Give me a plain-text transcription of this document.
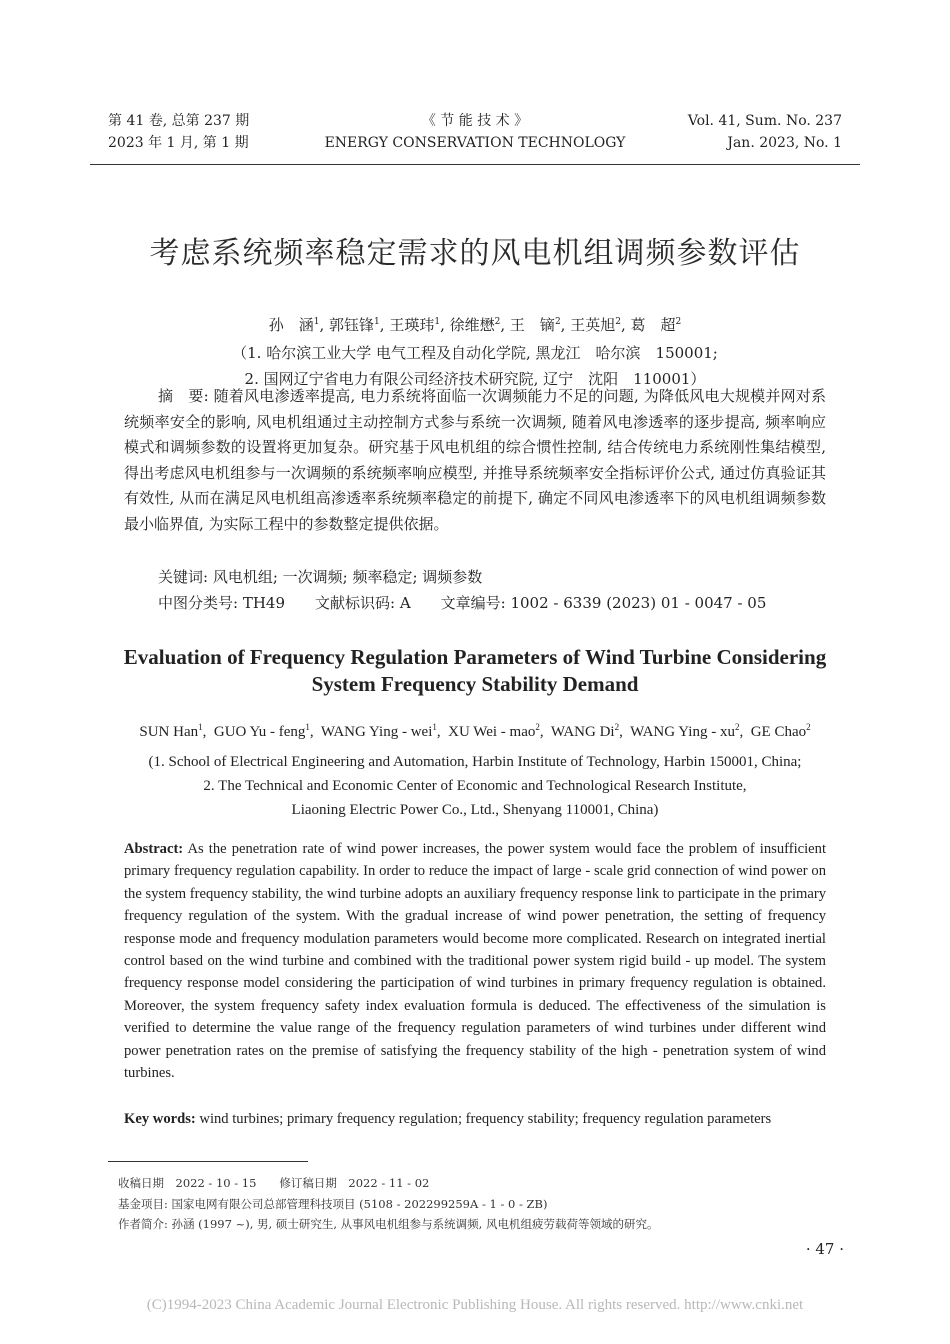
第 41 卷, 总第 237 期
2023 年 1 月, 第 1 期
《 节 能 技 术 》
ENERGY CONSERVATION TECHNOLOGY
Vol. 41, Sum. No. 237
Jan. 2023, No. 1
考虑系统频率稳定需求的风电机组调频参数评估
孙　涵$^1$, 郭钰锋$^1$, 王瑛玮$^1$, 徐维懋$^2$, 王　镝$^2$, 王英旭$^2$, 葛　超$^2$
（1. 哈尔滨工业大学 电气工程及自动化学院, 黑龙江　哈尔滨　150001;
2. 国网辽宁省电力有限公司经济技术研究院, 辽宁　沈阳　110001）
摘　要: 随着风电渗透率提高, 电力系统将面临一次调频能力不足的问题, 为降低风电大规模并网对系统频率安全的影响, 风电机组通过主动控制方式参与系统一次调频, 随着风电渗透率的逐步提高, 频率响应模式和调频参数的设置将更加复杂。研究基于风电机组的综合惯性控制, 结合传统电力系统刚性集结模型, 得出考虑风电机组参与一次调频的系统频率响应模型, 并推导系统频率安全指标评价公式, 通过仿真验证其有效性, 从而在满足风电机组高渗透率系统频率稳定的前提下, 确定不同风电渗透率下的风电机组调频参数最小临界值, 为实际工程中的参数整定提供依据。
关键词: 风电机组; 一次调频; 频率稳定; 调频参数
中图分类号: TH49　　文献标识码: A　　文章编号: 1002 - 6339 (2023) 01 - 0047 - 05
Evaluation of Frequency Regulation Parameters of Wind Turbine Considering
System Frequency Stability Demand
SUN Han$^1$,  GUO Yu - feng$^1$,  WANG Ying - wei$^1$,  XU Wei - mao$^2$,  WANG Di$^2$,  WANG Ying - $xu^2$,  GE Chao$^2$
(1. School of Electrical Engineering and Automation, Harbin Institute of Technology, Harbin 150001, China;
2. The Technical and Economic Center of Economic and Technological Research Institute,
Liaoning Electric Power Co., Ltd., Shenyang 110001, China)
Abstract: As the penetration rate of wind power increases, the power system would face the problem of insufficient primary frequency regulation capability. In order to reduce the impact of large - scale grid connection of wind power on the system frequency stability, the wind turbine adopts an auxiliary frequency response link to participate in the primary frequency regulation of the system. With the gradual increase of wind power penetration, the setting of frequency response mode and frequency modulation parameters would become more complicated. Research on integrated inertial control based on the wind turbine and combined with the traditional power system rigid build - up model. The system frequency response model considering the participation of wind turbines in primary frequency regulation is obtained. Moreover, the system frequency safety index evaluation formula is deduced. The effectiveness of the simulation is verified to determine the value range of the frequency regulation parameters of wind turbines under different wind power penetration rates on the premise of satisfying the frequency stability of the high - penetration system of wind turbines.
Key words: wind turbines; primary frequency regulation; frequency stability; frequency regulation parameters
收稿日期　2022 - 10 - 15　　修订稿日期　2022 - 11 - 02
基金项目: 国家电网有限公司总部管理科技项目 (5108 - 202299259A - 1 - 0 - ZB)
作者简介: 孙涵 (1997 ~), 男, 硕士研究生, 从事风电机组参与系统调频, 风电机组疲劳载荷等领域的研究。
· 47 ·
(C)1994-2023 China Academic Journal Electronic Publishing House. All rights reserved. http://www.cnki.net
